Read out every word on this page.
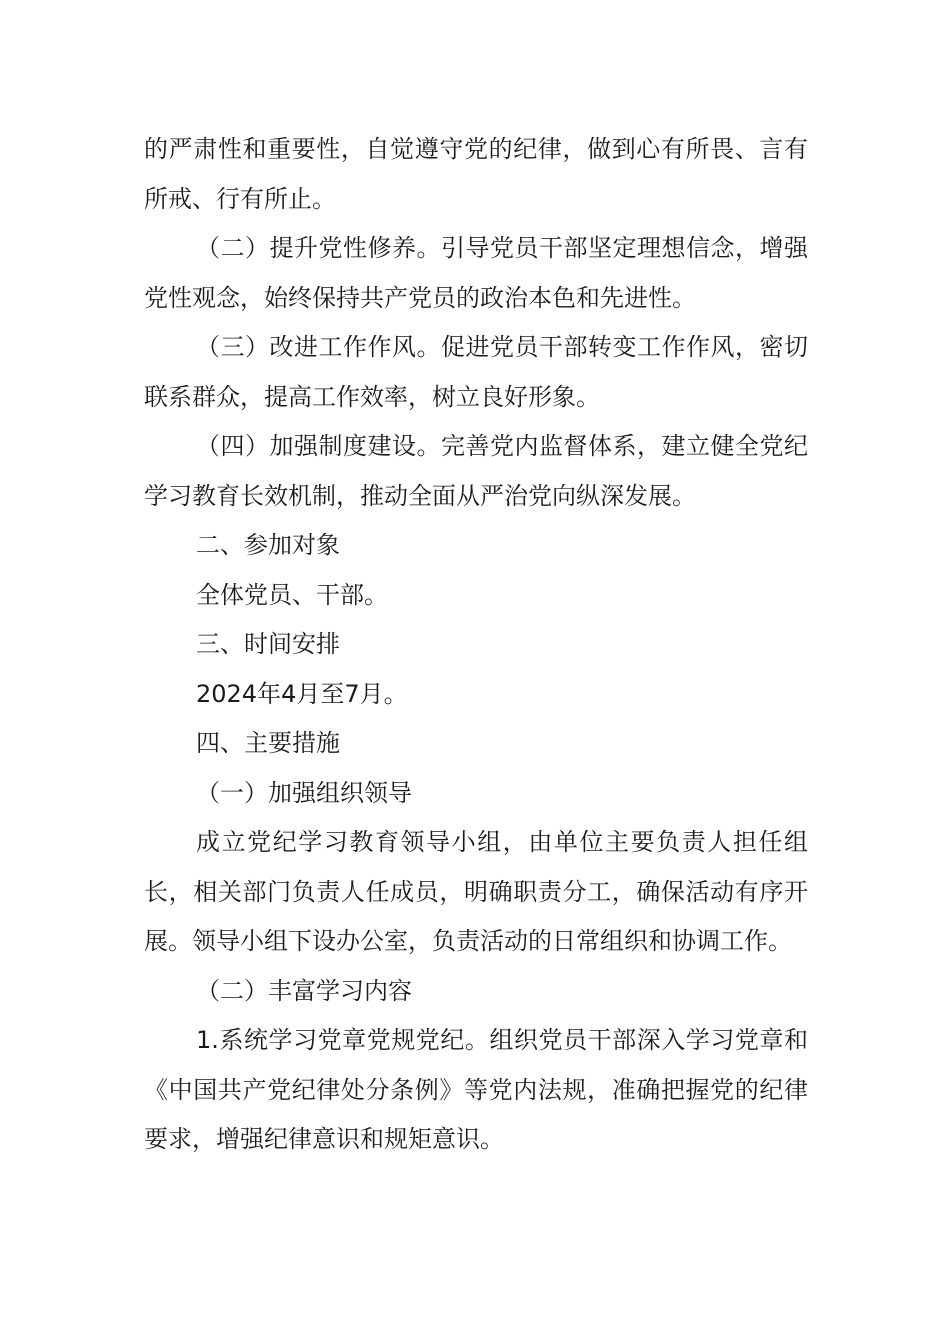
的严肃性和重要性，自觉遵守党的纪律，做到心有所畏、言有所戒、行有所止。

（二）提升党性修养。引导党员干部坚定理想信念，增强党性观念，始终保持共产党员的政治本色和先进性。

（三）改进工作作风。促进党员干部转变工作作风，密切联系群众，提高工作效率，树立良好形象。

（四）加强制度建设。完善党内监督体系，建立健全党纪学习教育长效机制，推动全面从严治党向纵深发展。

二、参加对象

全体党员、干部。

三、时间安排

2024年4月至7月。

四、主要措施

（一）加强组织领导

成立党纪学习教育领导小组，由单位主要负责人担任组长，相关部门负责人任成员，明确职责分工，确保活动有序开展。领导小组下设办公室，负责活动的日常组织和协调工作。

（二）丰富学习内容

1.系统学习党章党规党纪。组织党员干部深入学习党章和《中国共产党纪律处分条例》等党内法规，准确把握党的纪律要求，增强纪律意识和规矩意识。
